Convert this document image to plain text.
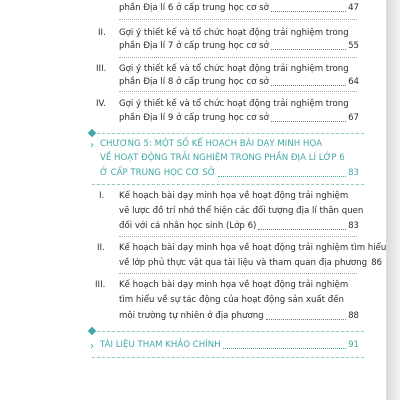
phần Địa lí 6 ở cấp trung học cơ sở	47
II. Gợi ý thiết kế và tổ chức hoạt động trải nghiệm trong
phần Địa lí 7 ở cấp trung học cơ sở	55
III. Gợi ý thiết kế và tổ chức hoạt động trải nghiệm trong
phần Địa lí 8 ở cấp trung học cơ sở	64
IV. Gợi ý thiết kế và tổ chức hoạt động trải nghiệm trong
phần Địa lí 9 ở cấp trung học cơ sở	67
› CHƯƠNG 5: MỘT SỐ KẾ HOẠCH BÀI DẠY MINH HỌA
VỀ HOẠT ĐỘNG TRẢI NGHIỆM TRONG PHẦN ĐỊA LÍ LỚP 6
Ở CẤP TRUNG HỌC CƠ SỞ	83
I. Kế hoạch bài dạy minh họa về hoạt động trải nghiệm
vẽ lược đồ trí nhớ thể hiện các đối tượng địa lí thân quen
đối với cá nhân học sinh (Lớp 6)	83
II. Kế hoạch bài dạy minh họa về hoạt động trải nghiệm tìm hiểu
về lớp phủ thực vật qua tài liệu và tham quan địa phương 86
III. Kế hoạch bài dạy minh họa về hoạt động trải nghiệm
tìm hiểu về sự tác động của hoạt động sản xuất đến
môi trường tự nhiên ở địa phương	88
› TÀI LIỆU THAM KHẢO CHÍNH	91
